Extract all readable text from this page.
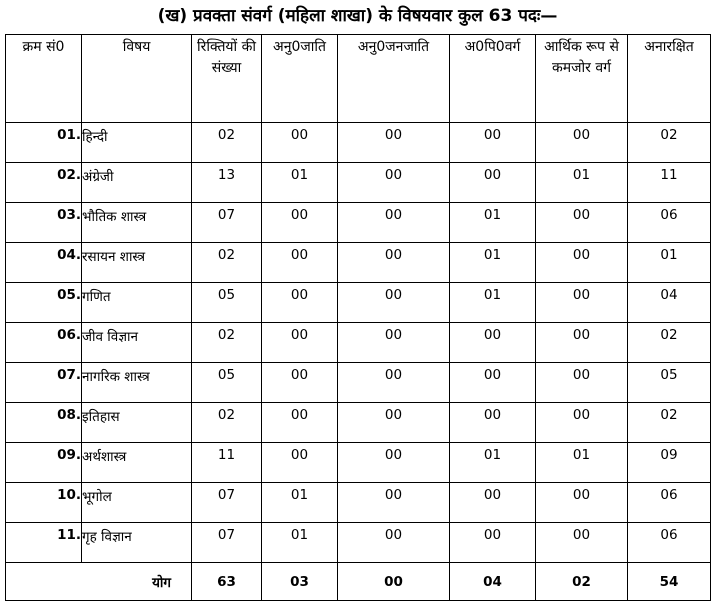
(ख) प्रवक्ता संवर्ग (महिला शाखा) के विषयवार कुल 63 पदः—
क्रम सं0	विषय	रिक्तियों की संख्या	अनु0जाति	अनु0जनजाति	अ0पि0वर्ग	आर्थिक रूप से कमजोर वर्ग	अनारक्षित
01.	हिन्दी	02	00	00	00	00	02
02.	अंग्रेजी	13	01	00	00	01	11
03.	भौतिक शास्त्र	07	00	00	01	00	06
04.	रसायन शास्त्र	02	00	00	01	00	01
05.	गणित	05	00	00	01	00	04
06.	जीव विज्ञान	02	00	00	00	00	02
07.	नागरिक शास्त्र	05	00	00	00	00	05
08.	इतिहास	02	00	00	00	00	02
09.	अर्थशास्त्र	11	00	00	01	01	09
10.	भूगोल	07	01	00	00	00	06
11.	गृह विज्ञान	07	01	00	00	00	06
योग		63	03	00	04	02	54
